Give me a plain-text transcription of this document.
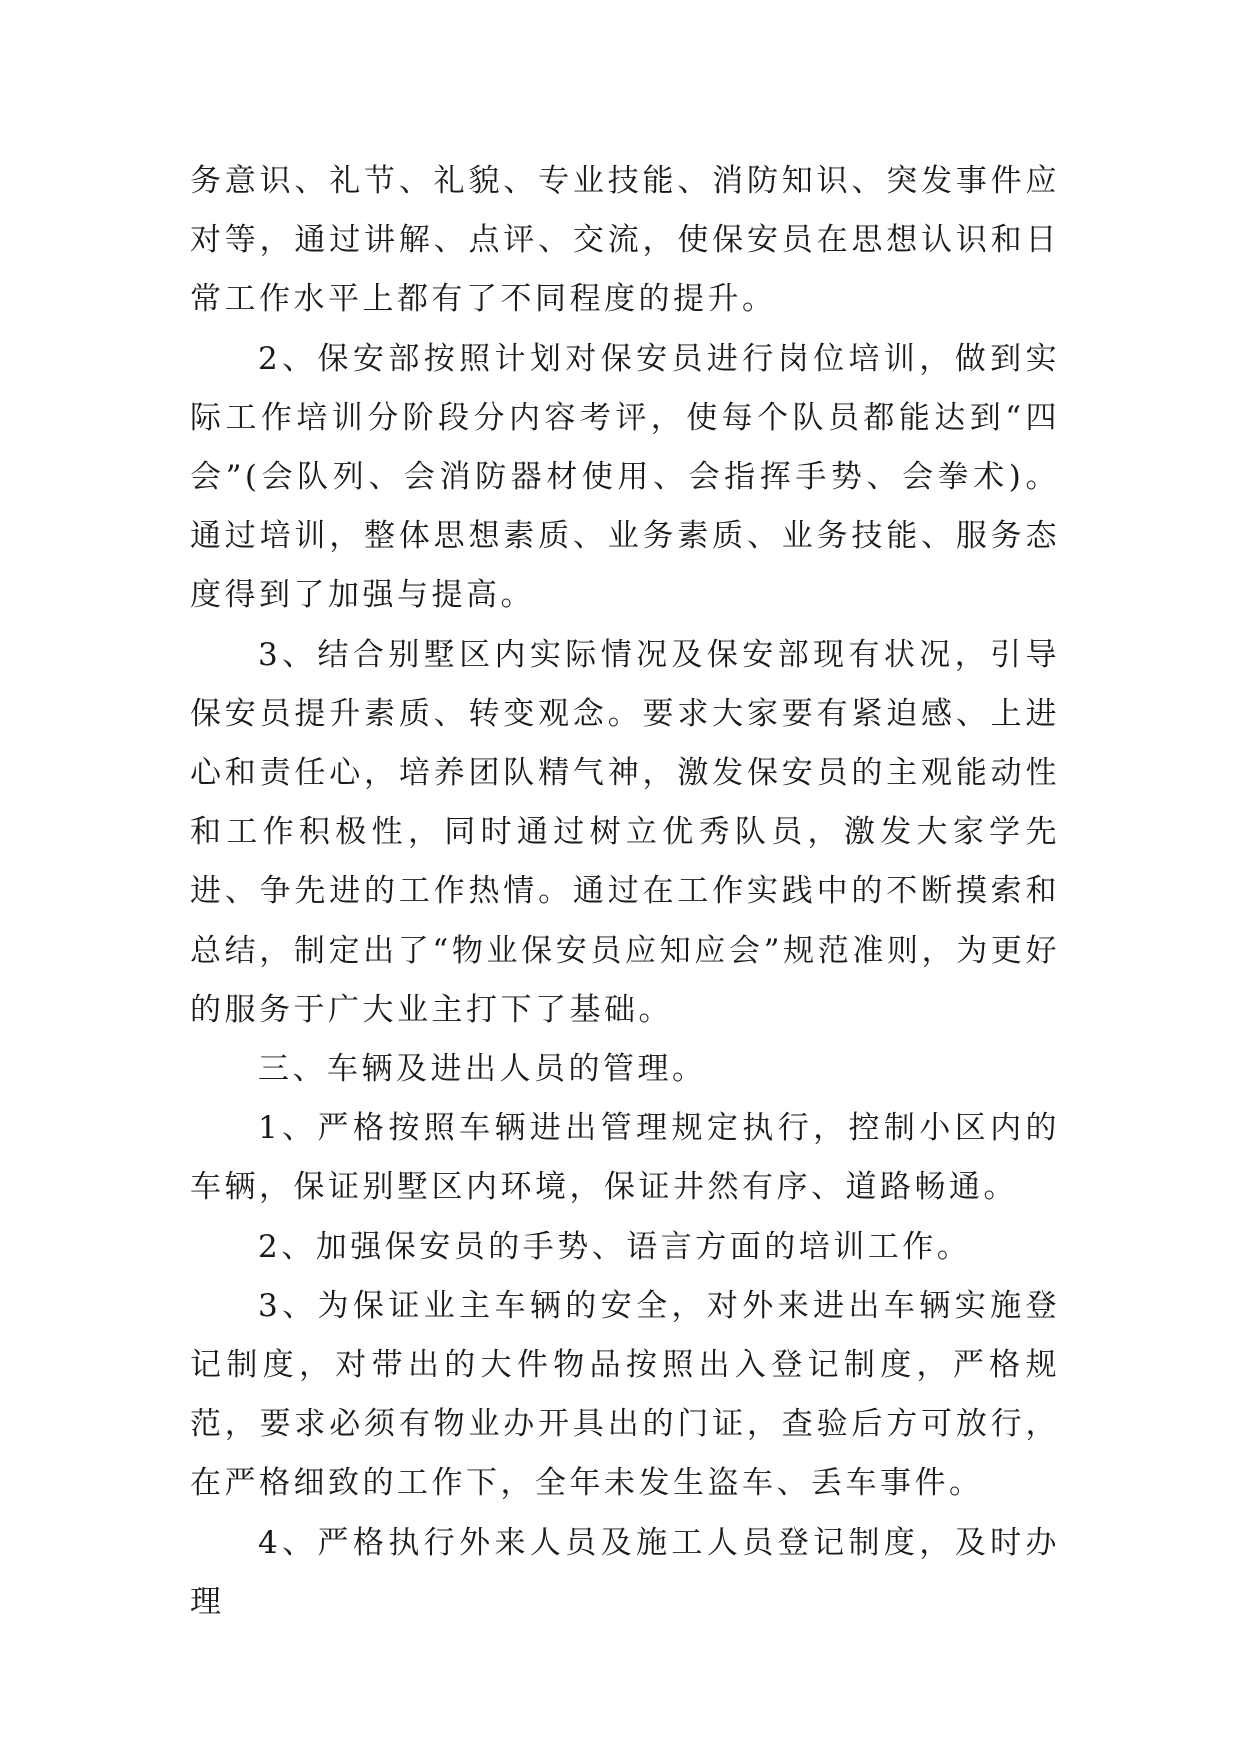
务意识、礼节、礼貌、专业技能、消防知识、突发事件应对等，通过讲解、点评、交流，使保安员在思想认识和日常工作水平上都有了不同程度的提升。

2、保安部按照计划对保安员进行岗位培训，做到实际工作培训分阶段分内容考评，使每个队员都能达到“四会”(会队列、会消防器材使用、会指挥手势、会拳术)。通过培训，整体思想素质、业务素质、业务技能、服务态度得到了加强与提高。

3、结合别墅区内实际情况及保安部现有状况，引导保安员提升素质、转变观念。要求大家要有紧迫感、上进心和责任心，培养团队精气神，激发保安员的主观能动性和工作积极性，同时通过树立优秀队员，激发大家学先进、争先进的工作热情。通过在工作实践中的不断摸索和总结，制定出了“物业保安员应知应会”规范准则，为更好的服务于广大业主打下了基础。

三、车辆及进出人员的管理。

1、严格按照车辆进出管理规定执行，控制小区内的车辆，保证别墅区内环境，保证井然有序、道路畅通。

2、加强保安员的手势、语言方面的培训工作。

3、为保证业主车辆的安全，对外来进出车辆实施登记制度，对带出的大件物品按照出入登记制度，严格规范，要求必须有物业办开具出的门证，查验后方可放行，在严格细致的工作下，全年未发生盗车、丢车事件。

4、严格执行外来人员及施工人员登记制度，及时办理
